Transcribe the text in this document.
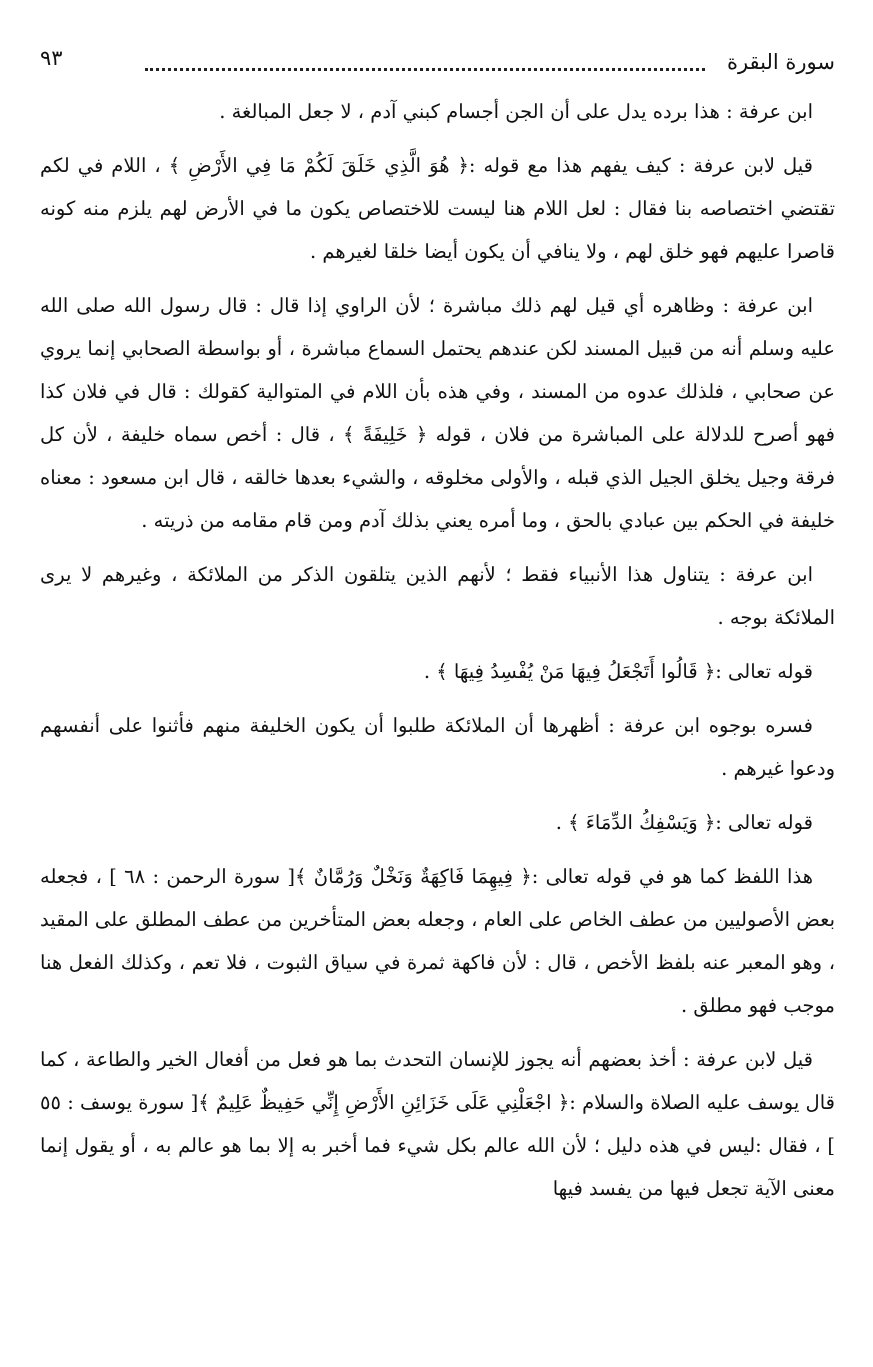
سورة البقرة
٩٣

ابن عرفة : هذا برده يدل على أن الجن أجسام كبني آدم ، لا جعل المبالغة .

قيل لابن عرفة : كيف يفهم هذا مع قوله :﴿ هُوَ الَّذِي خَلَقَ لَكُمْ مَا فِي الأَرْضِ ﴾ ، اللام في لكم تقتضي اختصاصه بنا فقال : لعل اللام هنا ليست للاختصاص يكون ما في الأرض لهم يلزم منه كونه قاصرا عليهم فهو خلق لهم ، ولا ينافي أن يكون أيضا خلقا لغيرهم .

ابن عرفة : وظاهره أي قيل لهم ذلك مباشرة ؛ لأن الراوي إذا قال : قال رسول الله صلى الله عليه وسلم أنه من قبيل المسند لكن عندهم يحتمل السماع مباشرة ، أو بواسطة الصحابي إنما يروي عن صحابي ، فلذلك عدوه من المسند ، وفي هذه بأن اللام في المتوالية كقولك : قال في فلان كذا فهو أصرح للدلالة على المباشرة من فلان ، قوله ﴿ خَلِيفَةً ﴾ ، قال : أخص سماه خليفة ، لأن كل فرقة وجيل يخلق الجيل الذي قبله ، والأولى مخلوقه ، والشيء بعدها خالقه ، قال ابن مسعود : معناه خليفة في الحكم بين عبادي بالحق ، وما أمره يعني بذلك آدم ومن قام مقامه من ذريته .

ابن عرفة : يتناول هذا الأنبياء فقط ؛ لأنهم الذين يتلقون الذكر من الملائكة ، وغيرهم لا يرى الملائكة بوجه .

قوله تعالى :﴿ قَالُوا أَتَجْعَلُ فِيهَا مَنْ يُفْسِدُ فِيهَا ﴾ .

فسره بوجوه ابن عرفة : أظهرها أن الملائكة طلبوا أن يكون الخليفة منهم فأثنوا على أنفسهم ودعوا غيرهم .

قوله تعالى :﴿ وَيَسْفِكُ الدِّمَاءَ ﴾ .

هذا اللفظ كما هو في قوله تعالى :﴿ فِيهِمَا فَاكِهَةٌ وَنَخْلٌ وَرُمَّانٌ ﴾[ سورة الرحمن : ٦٨ ] ، فجعله بعض الأصوليين من عطف الخاص على العام ، وجعله بعض المتأخرين من عطف المطلق على المقيد ، وهو المعبر عنه بلفظ الأخص ، قال : لأن فاكهة ثمرة في سياق الثبوت ، فلا تعم ، وكذلك الفعل هنا موجب فهو مطلق .

قيل لابن عرفة : أخذ بعضهم أنه يجوز للإنسان التحدث بما هو فعل من أفعال الخير والطاعة ، كما قال يوسف عليه الصلاة والسلام :﴿ اجْعَلْنِي عَلَى خَزَائِنِ الأَرْضِ إِنِّي حَفِيظٌ عَلِيمٌ ﴾[ سورة يوسف : ٥٥ ] ، فقال :ليس في هذه دليل ؛ لأن الله عالم بكل شيء فما أخبر به إلا بما هو عالم به ، أو يقول إنما معنى الآية تجعل فيها من يفسد فيها
